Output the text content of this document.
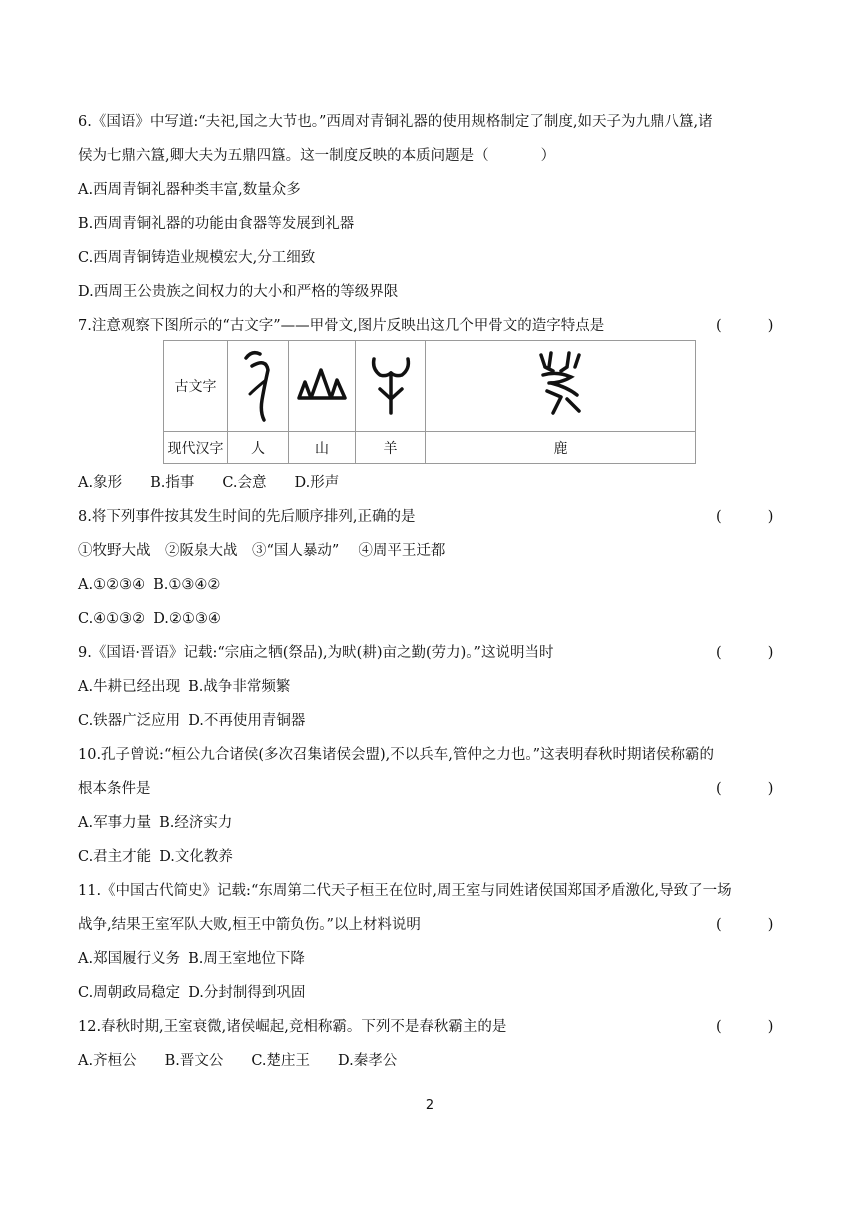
6.《国语》中写道:“夫祀,国之大节也。”西周对青铜礼器的使用规格制定了制度,如天子为九鼎八簋,诸
侯为七鼎六簋,卿大夫为五鼎四簋。这一制度反映的本质问题是（	）
A.西周青铜礼器种类丰富,数量众多
B.西周青铜礼器的功能由食器等发展到礼器
C.西周青铜铸造业规模宏大,分工细致
D.西周王公贵族之间权力的大小和严格的等级界限
7.注意观察下图所示的“古文字”——甲骨文,图片反映出这几个甲骨文的造字特点是	(          )
古文字				
现代汉字	人	山	羊	鹿
A.象形 B.指事 C.会意 D.形声
8.将下列事件按其发生时间的先后顺序排列,正确的是	(          )
①牧野大战　②阪泉大战　③“国人暴动”　 ④周平王迁都
A.①②③④ B.①③④②
C.④①③② D.②①③④
9.《国语·晋语》记载:“宗庙之牺(祭品),为畎(耕)亩之勤(劳力)。”这说明当时	(          )
A.牛耕已经出现 B.战争非常频繁
C.铁器广泛应用 D.不再使用青铜器
10.孔子曾说:“桓公九合诸侯(多次召集诸侯会盟),不以兵车,管仲之力也。”这表明春秋时期诸侯称霸的
根本条件是	(          )
A.军事力量 B.经济实力
C.君主才能 D.文化教养
11.《中国古代简史》记载:“东周第二代天子桓王在位时,周王室与同姓诸侯国郑国矛盾激化,导致了一场
战争,结果王室军队大败,桓王中箭负伤。”以上材料说明	(          )
A.郑国履行义务 B.周王室地位下降
C.周朝政局稳定 D.分封制得到巩固
12.春秋时期,王室衰微,诸侯崛起,竞相称霸。下列不是春秋霸主的是	(          )
A.齐桓公 B.晋文公 C.楚庄王 D.秦孝公
2
